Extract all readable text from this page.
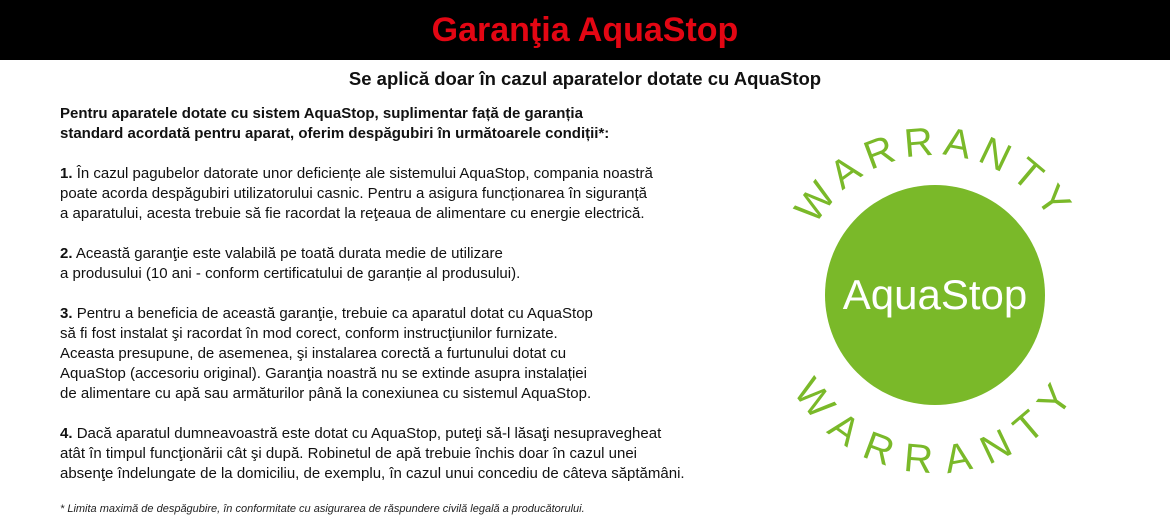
Garanţia AquaStop
Se aplică doar în cazul aparatelor dotate cu AquaStop
Pentru aparatele dotate cu sistem AquaStop, suplimentar față de garanția
standard acordată pentru aparat, oferim despăgubiri în următoarele condiții*:
1. În cazul pagubelor datorate unor deficiențe ale sistemului AquaStop, compania noastră
poate acorda despăgubiri utilizatorului casnic. Pentru a asigura funcționarea în siguranță
a aparatului, acesta trebuie să fie racordat la reţeaua de alimentare cu energie electrică.
2. Această garanţie este valabilă pe toată durata medie de utilizare
a produsului (10 ani - conform certificatului de garanție al produsului).
3. Pentru a beneficia de această garanţie, trebuie ca aparatul dotat cu AquaStop
să fi fost instalat şi racordat în mod corect, conform instrucţiunilor furnizate.
Aceasta presupune, de asemenea, şi instalarea corectă a furtunului dotat cu
AquaStop (accesoriu original). Garanţia noastră nu se extinde asupra instalației
de alimentare cu apă sau armăturilor până la conexiunea cu sistemul AquaStop.
4. Dacă aparatul dumneavoastră este dotat cu AquaStop, puteţi să-l lăsaţi nesupravegheat
atât în timpul funcţionării cât şi după. Robinetul de apă trebuie închis doar în cazul unei
absenţe îndelungate de la domiciliu, de exemplu, în cazul unui concediu de câteva săptămâni.
* Limita maximă de despăgubire, în conformitate cu asigurarea de răspundere civilă legală a producătorului.
WARRANTY
WARRANTY
AquaStop
